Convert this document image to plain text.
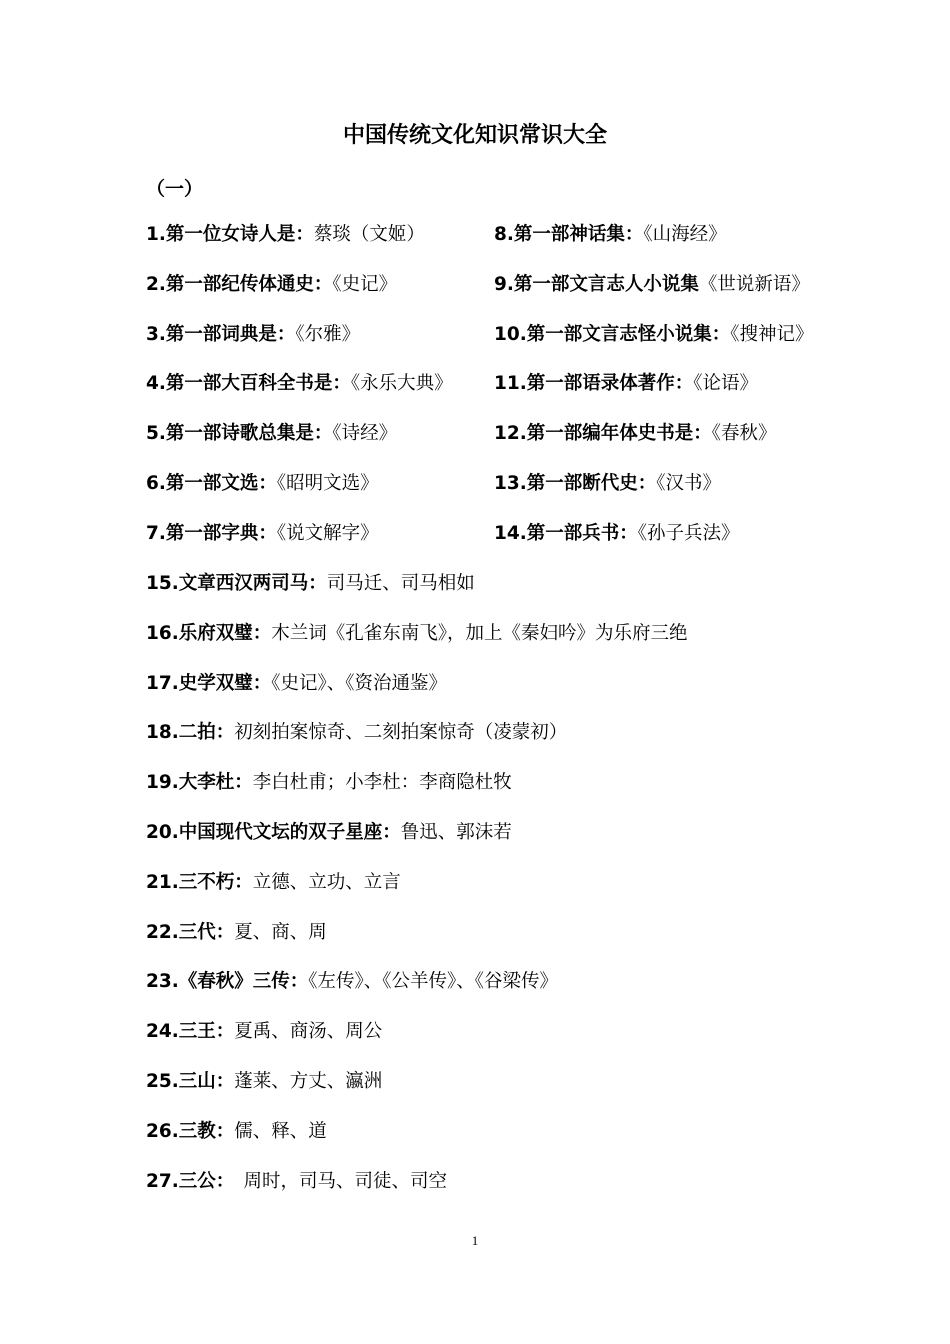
中国传统文化知识常识大全
（一）
1.第一位女诗人是：蔡琰（文姬）
2.第一部纪传体通史：《史记》
3.第一部词典是：《尔雅》
4.第一部大百科全书是：《永乐大典》
5.第一部诗歌总集是：《诗经》
6.第一部文选：《昭明文选》
7.第一部字典：《说文解字》
8.第一部神话集：《山海经》
9.第一部文言志人小说集《世说新语》
10.第一部文言志怪小说集：《搜神记》
11.第一部语录体著作：《论语》
12.第一部编年体史书是：《春秋》
13.第一部断代史：《汉书》
14.第一部兵书：《孙子兵法》
15.文章西汉两司马：司马迁、司马相如
16.乐府双璧：木兰词《孔雀东南飞》，加上《秦妇吟》为乐府三绝
17.史学双璧：《史记》、《资治通鉴》
18.二拍：初刻拍案惊奇、二刻拍案惊奇（凌蒙初）
19.大李杜：李白杜甫；小李杜：李商隐杜牧
20.中国现代文坛的双子星座：鲁迅、郭沫若
21.三不朽：立德、立功、立言
22.三代：夏、商、周
23.《春秋》三传：《左传》、《公羊传》、《谷梁传》
24.三王：夏禹、商汤、周公
25.三山：蓬莱、方丈、瀛洲
26.三教：儒、释、道
27.三公：　周时，司马、司徒、司空
1
